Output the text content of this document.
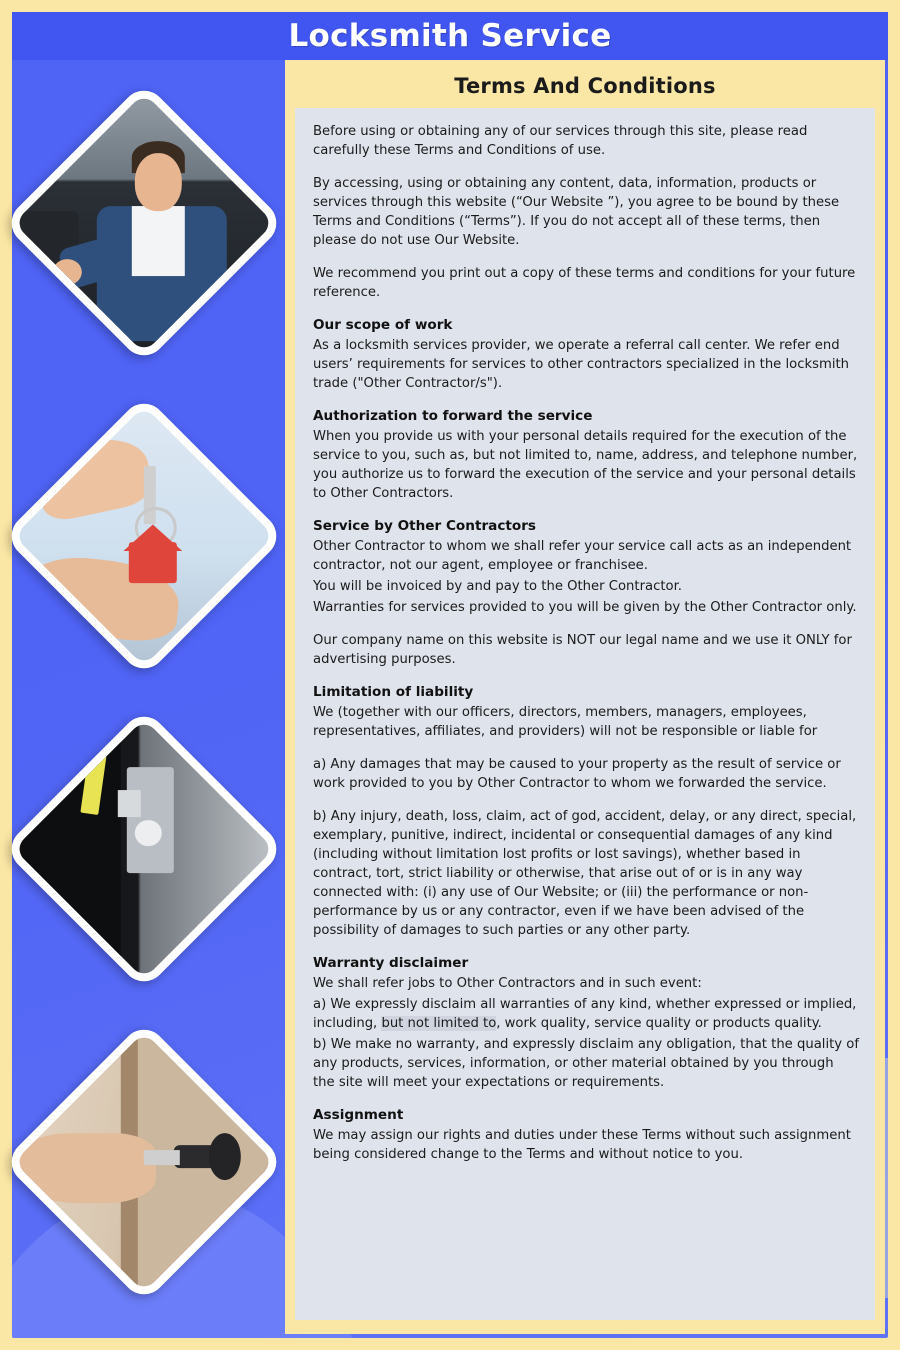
Locksmith Service
Terms And Conditions

Before using or obtaining any of our services through this site, please read carefully these Terms and Conditions of use.

By accessing, using or obtaining any content, data, information, products or services through this website (“Our Website ”), you agree to be bound by these Terms and Conditions (“Terms”). If you do not accept all of these terms, then please do not use Our Website.

We recommend you print out a copy of these terms and conditions for your future reference.

Our scope of work

As a locksmith services provider, we operate a referral call center. We refer end users’ requirements for services to other contractors specialized in the locksmith trade ("Other Contractor/s").

Authorization to forward the service

When you provide us with your personal details required for the execution of the service to you, such as, but not limited to, name, address, and telephone number, you authorize us to forward the execution of the service and your personal details to Other Contractors.

Service by Other Contractors

Other Contractor to whom we shall refer your service call acts as an independent contractor, not our agent, employee or franchisee.

You will be invoiced by and pay to the Other Contractor.

Warranties for services provided to you will be given by the Other Contractor only.

Our company name on this website is NOT our legal name and we use it ONLY for advertising purposes.

Limitation of liability

We (together with our officers, directors, members, managers, employees, representatives, affiliates, and providers) will not be responsible or liable for

a) Any damages that may be caused to your property as the result of service or work provided to you by Other Contractor to whom we forwarded the service.

b) Any injury, death, loss, claim, act of god, accident, delay, or any direct, special, exemplary, punitive, indirect, incidental or consequential damages of any kind (including without limitation lost profits or lost savings), whether based in contract, tort, strict liability or otherwise, that arise out of or is in any way connected with: (i) any use of Our Website; or (iii) the performance or non-performance by us or any contractor, even if we have been advised of the possibility of damages to such parties or any other party.

Warranty disclaimer

We shall refer jobs to Other Contractors and in such event:

a) We expressly disclaim all warranties of any kind, whether expressed or implied, including, but not limited to, work quality, service quality or products quality.

b) We make no warranty, and expressly disclaim any obligation, that the quality of any products, services, information, or other material obtained by you through the site will meet your expectations or requirements.

Assignment

We may assign our rights and duties under these Terms without such assignment being considered change to the Terms and without notice to you.
